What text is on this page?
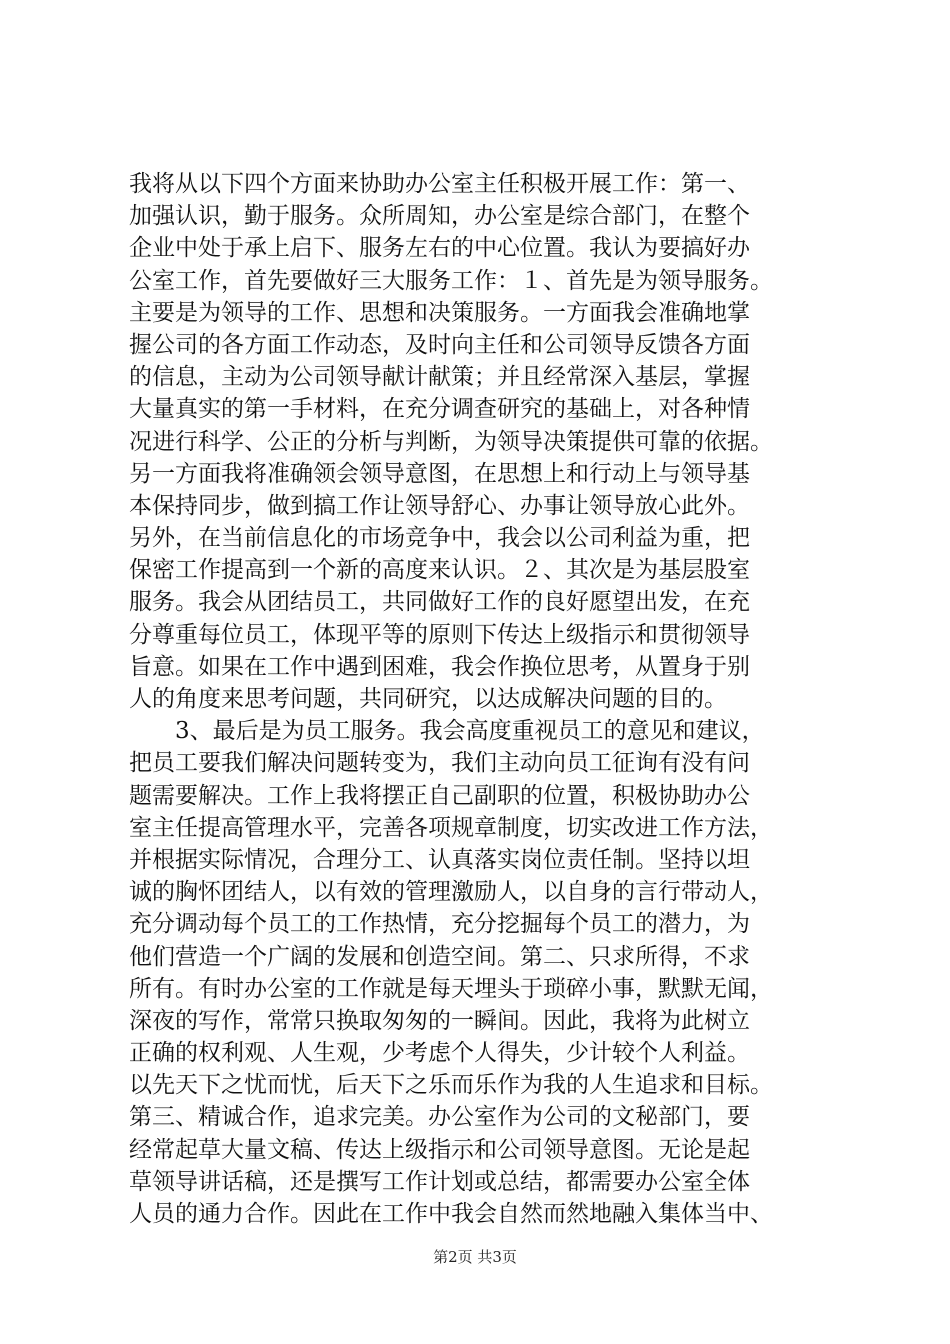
我将从以下四个方面来协助办公室主任积极开展工作：第一、
加强认识，勤于服务。众所周知，办公室是综合部门，在整个
企业中处于承上启下、服务左右的中心位置。我认为要搞好办
公室工作，首先要做好三大服务工作：１、首先是为领导服务。
主要是为领导的工作、思想和决策服务。一方面我会准确地掌
握公司的各方面工作动态，及时向主任和公司领导反馈各方面
的信息，主动为公司领导献计献策；并且经常深入基层，掌握
大量真实的第一手材料，在充分调查研究的基础上，对各种情
况进行科学、公正的分析与判断，为领导决策提供可靠的依据。
另一方面我将准确领会领导意图，在思想上和行动上与领导基
本保持同步，做到搞工作让领导舒心、办事让领导放心此外。
另外，在当前信息化的市场竞争中，我会以公司利益为重，把
保密工作提高到一个新的高度来认识。２、其次是为基层股室
服务。我会从团结员工，共同做好工作的良好愿望出发，在充
分尊重每位员工，体现平等的原则下传达上级指示和贯彻领导
旨意。如果在工作中遇到困难，我会作换位思考，从置身于别
人的角度来思考问题，共同研究，以达成解决问题的目的。
3、最后是为员工服务。我会高度重视员工的意见和建议，
把员工要我们解决问题转变为，我们主动向员工征询有没有问
题需要解决。工作上我将摆正自己副职的位置，积极协助办公
室主任提高管理水平，完善各项规章制度，切实改进工作方法，
并根据实际情况，合理分工、认真落实岗位责任制。坚持以坦
诚的胸怀团结人，以有效的管理激励人，以自身的言行带动人，
充分调动每个员工的工作热情，充分挖掘每个员工的潜力，为
他们营造一个广阔的发展和创造空间。第二、只求所得，不求
所有。有时办公室的工作就是每天埋头于琐碎小事，默默无闻，
深夜的写作，常常只换取匆匆的一瞬间。因此，我将为此树立
正确的权利观、人生观，少考虑个人得失，少计较个人利益。
以先天下之忧而忧，后天下之乐而乐作为我的人生追求和目标。
第三、精诚合作，追求完美。办公室作为公司的文秘部门，要
经常起草大量文稿、传达上级指示和公司领导意图。无论是起
草领导讲话稿，还是撰写工作计划或总结，都需要办公室全体
人员的通力合作。因此在工作中我会自然而然地融入集体当中、
第2页 共3页
